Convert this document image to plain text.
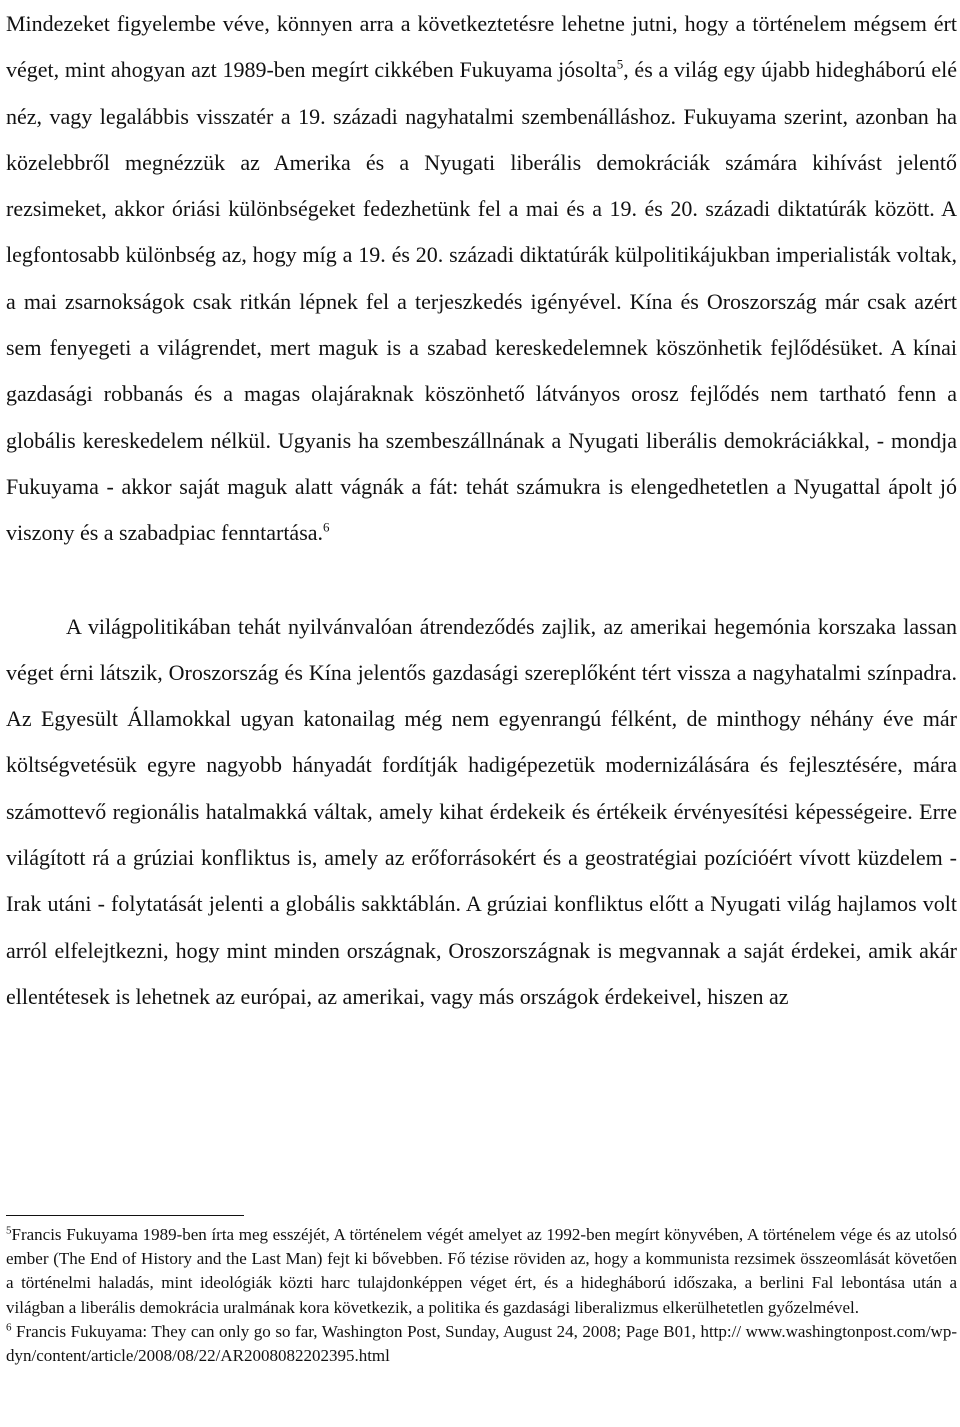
Mindezeket figyelembe véve, könnyen arra a következtetésre lehetne jutni, hogy a történelem mégsem ért véget, mint ahogyan azt 1989-ben megírt cikkében Fukuyama jósolta$^5$, és a világ egy újabb hidegháború elé néz, vagy legalábbis visszatér a 19. századi nagyhatalmi szembenálláshoz. Fukuyama szerint, azonban ha közelebbről megnézzük az Amerika és a Nyugati liberális demokráciák számára kihívást jelentő rezsimeket, akkor óriási különbségeket fedezhetünk fel a mai és a 19. és 20. századi diktatúrák között. A legfontosabb különbség az, hogy míg a 19. és 20. századi diktatúrák külpolitikájukban imperialisták voltak, a mai zsarnokságok csak ritkán lépnek fel a terjeszkedés igényével. Kína és Oroszország már csak azért sem fenyegeti a világrendet, mert maguk is a szabad kereskedelemnek köszönhetik fejlődésüket. A kínai gazdasági robbanás és a magas olajáraknak köszönhető látványos orosz fejlődés nem tartható fenn a globális kereskedelem nélkül. Ugyanis ha szembeszállnának a Nyugati liberális demokráciákkal, - mondja Fukuyama - akkor saját maguk alatt vágnák a fát: tehát számukra is elengedhetetlen a Nyugattal ápolt jó viszony és a szabadpiac fenntartása.$^6$

A világpolitikában tehát nyilvánvalóan átrendeződés zajlik, az amerikai hegemónia korszaka lassan véget érni látszik, Oroszország és Kína jelentős gazdasági szereplőként tért vissza a nagyhatalmi színpadra. Az Egyesült Államokkal ugyan katonailag még nem egyenrangú félként, de minthogy néhány éve már költségvetésük egyre nagyobb hányadát fordítják hadigépezetük modernizálására és fejlesztésére, mára számottevő regionális hatalmakká váltak, amely kihat érdekeik és értékeik érvényesítési képességeire. Erre világított rá a grúziai konfliktus is, amely az erőforrásokért és a geostratégiai pozícióért vívott küzdelem - Irak utáni - folytatását jelenti a globális sakktáblán. A grúziai konfliktus előtt a Nyugati világ hajlamos volt arról elfelejtkezni, hogy mint minden országnak, Oroszországnak is megvannak a saját érdekei, amik akár ellentétesek is lehetnek az európai, az amerikai, vagy más országok érdekeivel, hiszen az

$^5$Francis Fukuyama 1989-ben írta meg esszéjét, A történelem végét amelyet az 1992-ben megírt könyvében, A történelem vége és az utolsó ember (The End of History and the Last Man) fejt ki bővebben. Fő tézise röviden az, hogy a kommunista rezsimek összeomlását követően a történelmi haladás, mint ideológiák közti harc tulajdonképpen véget ért, és a hidegháború időszaka, a berlini Fal lebontása után a világban a liberális demokrácia uralmának kora következik, a politika és gazdasági liberalizmus elkerülhetetlen győzelmével.

$^6$ Francis Fukuyama: They can only go so far, Washington Post, Sunday, August 24, 2008; Page B01, http:// www.washingtonpost.com/wp-dyn/content/article/2008/08/22/AR2008082202395.html
